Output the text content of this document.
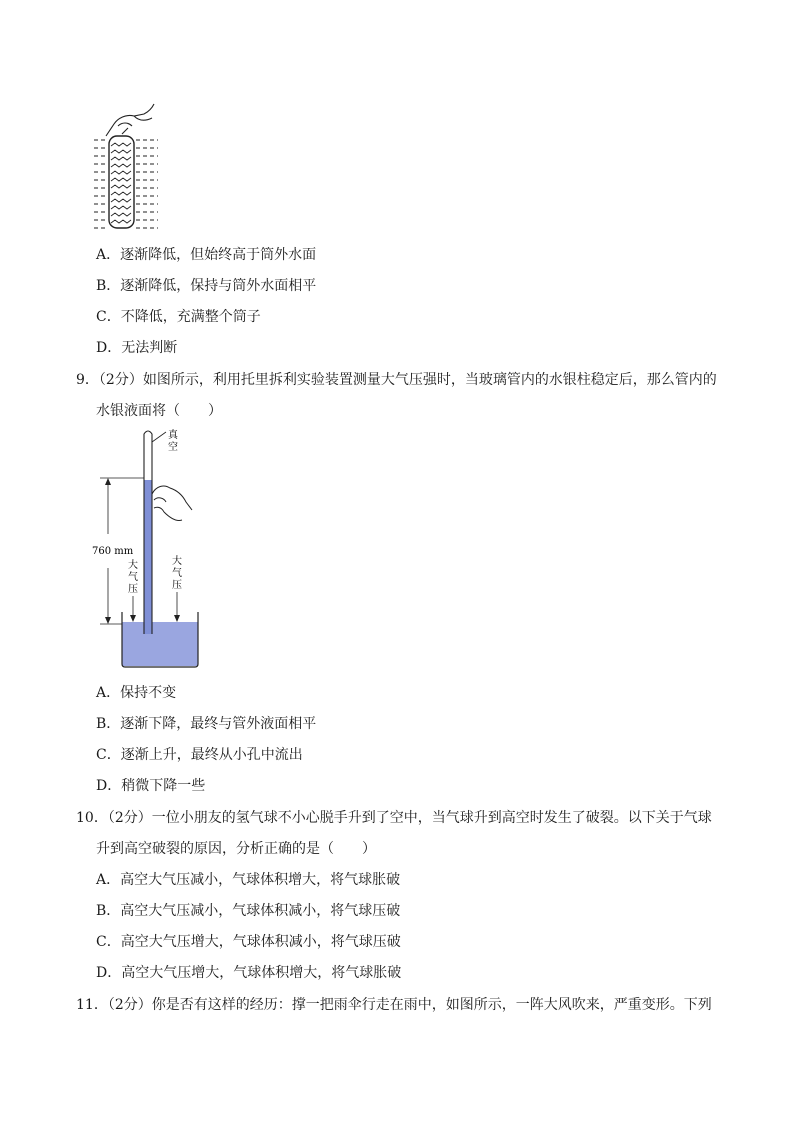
A．逐渐降低，但始终高于筒外水面
B．逐渐降低，保持与筒外水面相平
C．不降低，充满整个筒子
D．无法判断
9．（2分）如图所示，利用托里拆利实验装置测量大气压强时，当玻璃管内的水银柱稳定后，那么管内的
水银液面将（　　）
真
空
760 mm
大
气
压
大
气
压
A．保持不变
B．逐渐下降，最终与管外液面相平
C．逐渐上升，最终从小孔中流出
D．稍微下降一些
10．（2分）一位小朋友的氢气球不小心脱手升到了空中，当气球升到高空时发生了破裂。以下关于气球
升到高空破裂的原因，分析正确的是（　　）
A．高空大气压减小，气球体积增大，将气球胀破
B．高空大气压减小，气球体积减小，将气球压破
C．高空大气压增大，气球体积减小，将气球压破
D．高空大气压增大，气球体积增大，将气球胀破
11．（2分）你是否有这样的经历：撑一把雨伞行走在雨中，如图所示，一阵大风吹来，严重变形。下列
